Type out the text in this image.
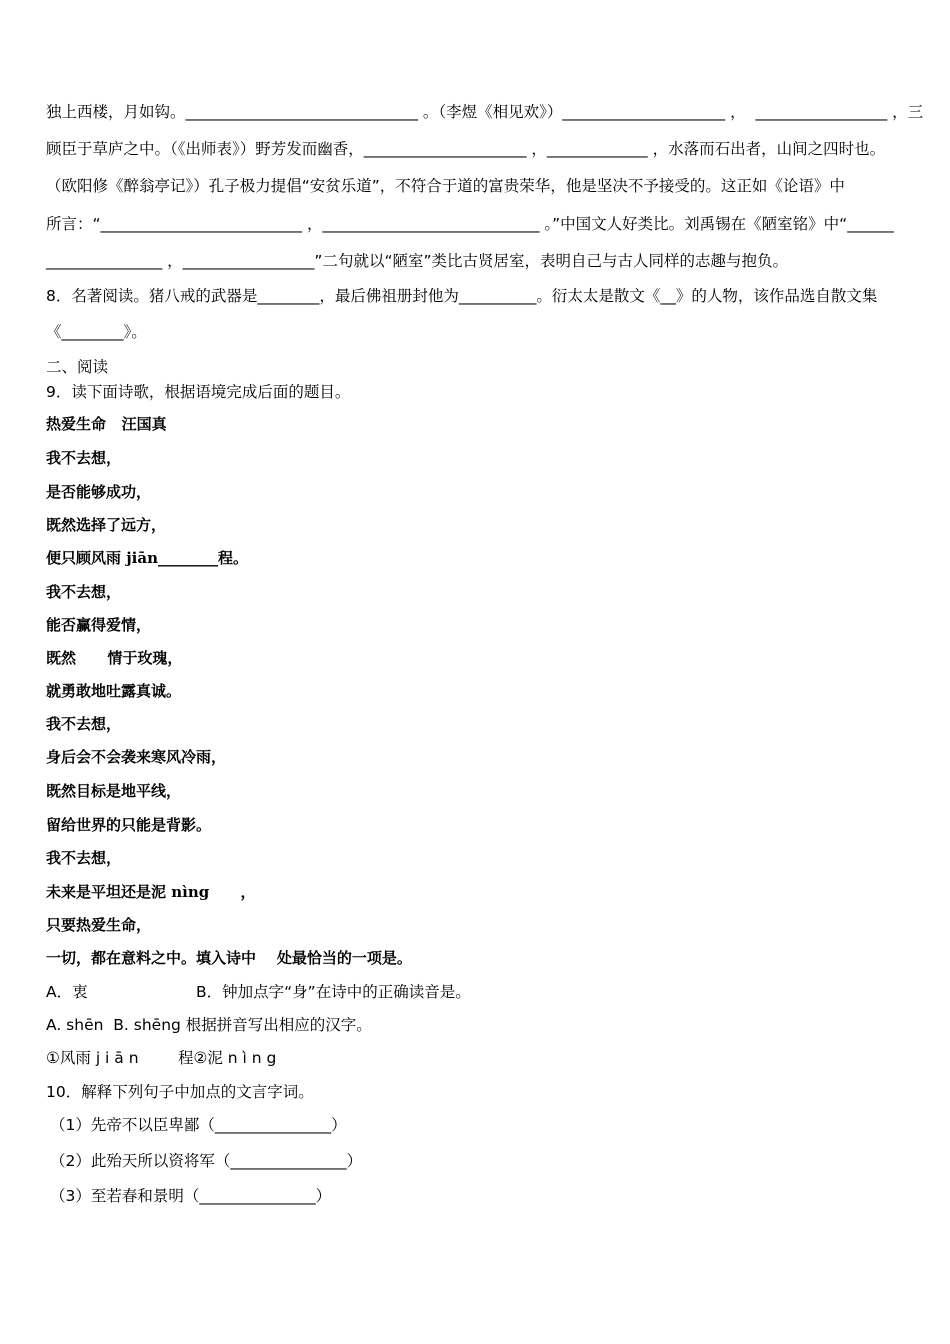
独上西楼，月如钩。______________________________ 。（李煜《相见欢》）_____________________ ，  _________________ ，三
顾臣于草庐之中。（《出师表》）野芳发而幽香，_____________________ ，_____________ ，水落而石出者，山间之四时也。
（欧阳修《醉翁亭记》）孔子极力提倡“安贫乐道”，不符合于道的富贵荣华，他是坚决不予接受的。这正如《论语》中
所言：“__________________________ ，____________________________ 。”中国文人好类比。刘禹锡在《陋室铭》中“______
_______________ ，_________________”二句就以“陋室”类比古贤居室，表明自己与古人同样的志趣与抱负。
8．名著阅读。猪八戒的武器是________，最后佛祖册封他为__________。衍太太是散文《__》的人物，该作品选自散文集
《________》。
二、阅读
9．读下面诗歌，根据语境完成后面的题目。
热爱生命   汪国真
我不去想，
是否能够成功，
既然选择了远方，
便只顾风雨 jiān________程。
我不去想，
能否赢得爱情，
既然      情于玫瑰，
就勇敢地吐露真诚。
我不去想，
身后会不会袭来寒风冷雨，
既然目标是地平线，
留给世界的只能是背影。
我不去想，
未来是平坦还是泥 nìng      ，
只要热爱生命，
一切，都在意料之中。填入诗中    处最恰当的一项是。
A．衷                      B．钟加点字“身”在诗中的正确读音是。
A. shēn  B. shēng 根据拼音写出相应的汉字。
①风雨 j i ā n        程②泥 n ì n g
10．解释下列句子中加点的文言字词。
（1）先帝不以臣卑鄙（_______________）
（2）此殆天所以资将军（_______________）
（3）至若春和景明（_______________）
